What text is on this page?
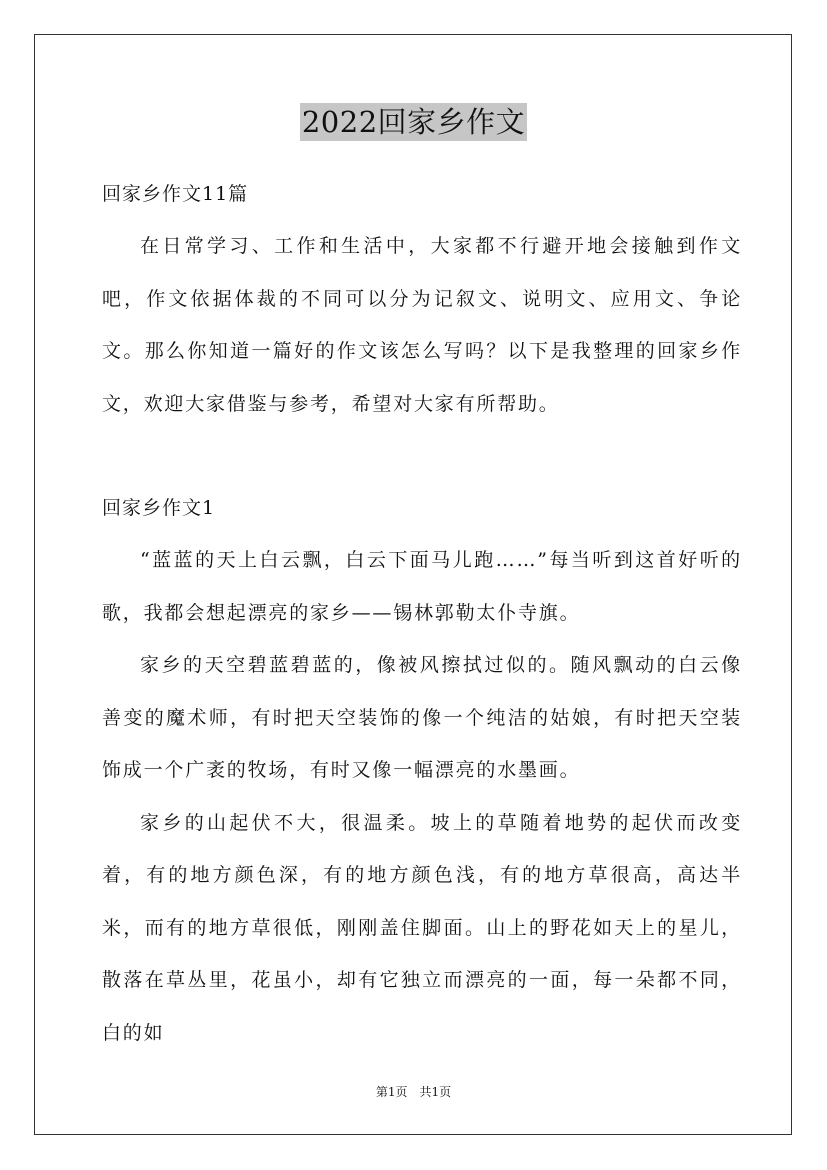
2022回家乡作文

回家乡作文11篇

在日常学习、工作和生活中，大家都不行避开地会接触到作文吧，作文依据体裁的不同可以分为记叙文、说明文、应用文、争论文。那么你知道一篇好的作文该怎么写吗？以下是我整理的回家乡作文，欢迎大家借鉴与参考，希望对大家有所帮助。

回家乡作文1

“蓝蓝的天上白云飘，白云下面马儿跑……”每当听到这首好听的歌，我都会想起漂亮的家乡——锡林郭勒太仆寺旗。

家乡的天空碧蓝碧蓝的，像被风擦拭过似的。随风飘动的白云像善变的魔术师，有时把天空装饰的像一个纯洁的姑娘，有时把天空装饰成一个广袤的牧场，有时又像一幅漂亮的水墨画。

家乡的山起伏不大，很温柔。坡上的草随着地势的起伏而改变着，有的地方颜色深，有的地方颜色浅，有的地方草很高，高达半米，而有的地方草很低，刚刚盖住脚面。山上的野花如天上的星儿，散落在草丛里，花虽小，却有它独立而漂亮的一面，每一朵都不同，白的如

第1页　共1页
